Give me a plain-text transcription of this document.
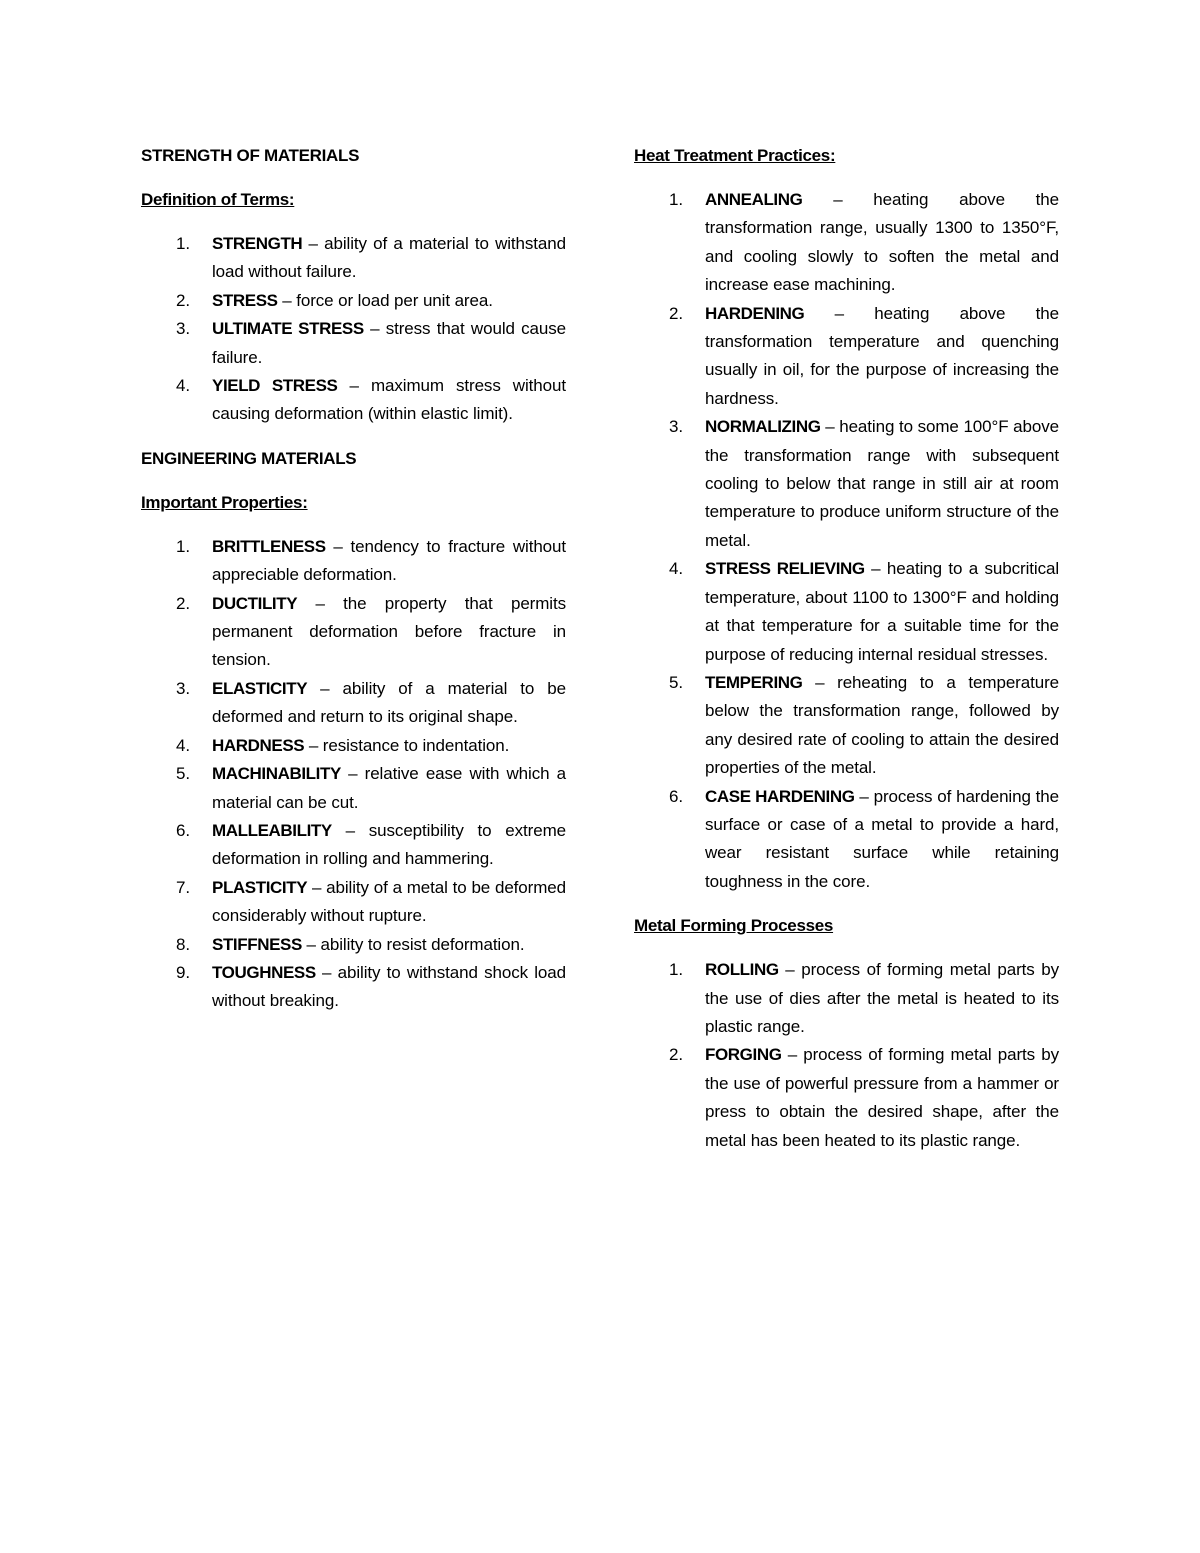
STRENGTH OF MATERIALS
Definition of Terms:
1. STRENGTH – ability of a material to withstand load without failure.
2. STRESS – force or load per unit area.
3. ULTIMATE STRESS – stress that would cause failure.
4. YIELD STRESS – maximum stress without causing deformation (within elastic limit).
ENGINEERING MATERIALS
Important Properties:
1. BRITTLENESS – tendency to fracture without appreciable deformation.
2. DUCTILITY – the property that permits permanent deformation before fracture in tension.
3. ELASTICITY – ability of a material to be deformed and return to its original shape.
4. HARDNESS – resistance to indentation.
5. MACHINABILITY – relative ease with which a material can be cut.
6. MALLEABILITY – susceptibility to extreme deformation in rolling and hammering.
7. PLASTICITY – ability of a metal to be deformed considerably without rupture.
8. STIFFNESS – ability to resist deformation.
9. TOUGHNESS – ability to withstand shock load without breaking.
Heat Treatment Practices:
1. ANNEALING – heating above the transformation range, usually 1300 to 1350°F, and cooling slowly to soften the metal and increase ease machining.
2. HARDENING – heating above the transformation temperature and quenching usually in oil, for the purpose of increasing the hardness.
3. NORMALIZING – heating to some 100°F above the transformation range with subsequent cooling to below that range in still air at room temperature to produce uniform structure of the metal.
4. STRESS RELIEVING – heating to a subcritical temperature, about 1100 to 1300°F and holding at that temperature for a suitable time for the purpose of reducing internal residual stresses.
5. TEMPERING – reheating to a temperature below the transformation range, followed by any desired rate of cooling to attain the desired properties of the metal.
6. CASE HARDENING – process of hardening the surface or case of a metal to provide a hard, wear resistant surface while retaining toughness in the core.
Metal Forming Processes
1. ROLLING – process of forming metal parts by the use of dies after the metal is heated to its plastic range.
2. FORGING – process of forming metal parts by the use of powerful pressure from a hammer or press to obtain the desired shape, after the metal has been heated to its plastic range.
